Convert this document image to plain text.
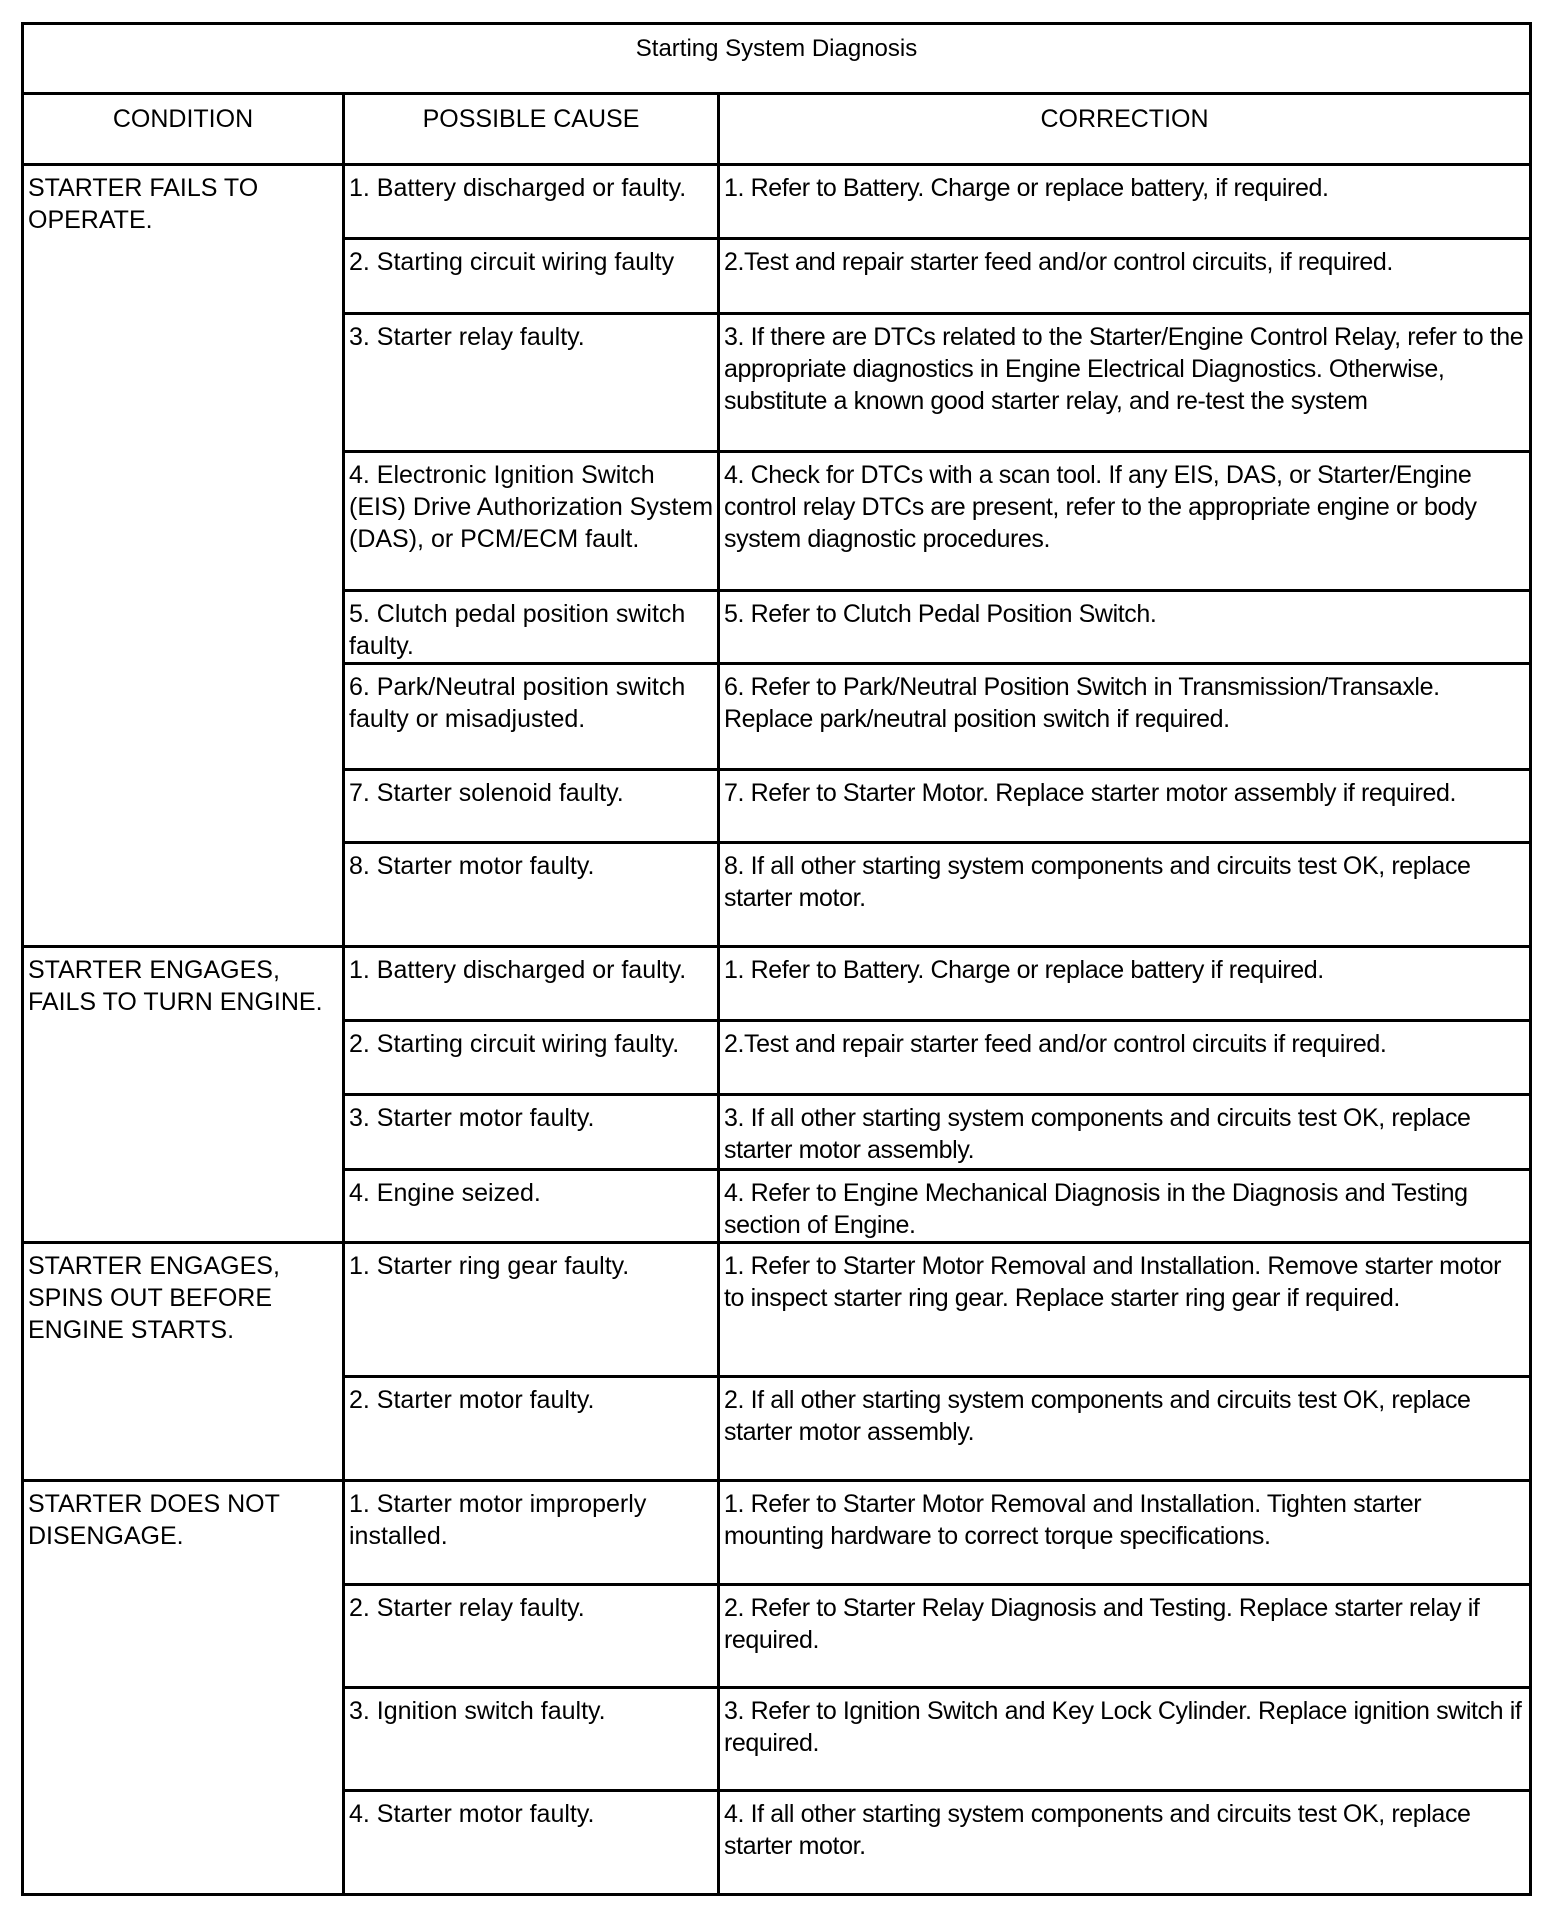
Starting System Diagnosis		
CONDITION	POSSIBLE CAUSE	CORRECTION
STARTER FAILS TO OPERATE.	1. Battery discharged or faulty.	1. Refer to Battery. Charge or replace battery, if required.
	2. Starting circuit wiring faulty	2.Test and repair starter feed and/or control circuits, if required.
	3. Starter relay faulty.	3. If there are DTCs related to the Starter/Engine Control Relay, refer to the appropriate diagnostics in Engine Electrical Diagnostics. Otherwise, substitute a known good starter relay, and re-test the system
	4. Electronic Ignition Switch (EIS) Drive Authorization System (DAS), or PCM/ECM fault.	4. Check for DTCs with a scan tool. If any EIS, DAS, or Starter/Engine control relay DTCs are present, refer to the appropriate engine or body system diagnostic procedures.
	5. Clutch pedal position switch faulty.	5. Refer to Clutch Pedal Position Switch.
	6. Park/Neutral position switch faulty or misadjusted.	6. Refer to Park/Neutral Position Switch in Transmission/Transaxle. Replace park/neutral position switch if required.
	7. Starter solenoid faulty.	7. Refer to Starter Motor. Replace starter motor assembly if required.
	8. Starter motor faulty.	8. If all other starting system components and circuits test OK, replace starter motor.
STARTER ENGAGES, FAILS TO TURN ENGINE.	1. Battery discharged or faulty.	1. Refer to Battery. Charge or replace battery if required.
	2. Starting circuit wiring faulty.	2.Test and repair starter feed and/or control circuits if required.
	3. Starter motor faulty.	3. If all other starting system components and circuits test OK, replace starter motor assembly.
	4. Engine seized.	4. Refer to Engine Mechanical Diagnosis in the Diagnosis and Testing section of Engine.
STARTER ENGAGES, SPINS OUT BEFORE ENGINE STARTS.	1. Starter ring gear faulty.	1. Refer to Starter Motor Removal and Installation. Remove starter motor to inspect starter ring gear. Replace starter ring gear if required.
	2. Starter motor faulty.	2. If all other starting system components and circuits test OK, replace starter motor assembly.
STARTER DOES NOT DISENGAGE.	1. Starter motor improperly installed.	1. Refer to Starter Motor Removal and Installation. Tighten starter mounting hardware to correct torque specifications.
	2. Starter relay faulty.	2. Refer to Starter Relay Diagnosis and Testing. Replace starter relay if required.
	3. Ignition switch faulty.	3. Refer to Ignition Switch and Key Lock Cylinder. Replace ignition switch if required.
	4. Starter motor faulty.	4. If all other starting system components and circuits test OK, replace starter motor.
